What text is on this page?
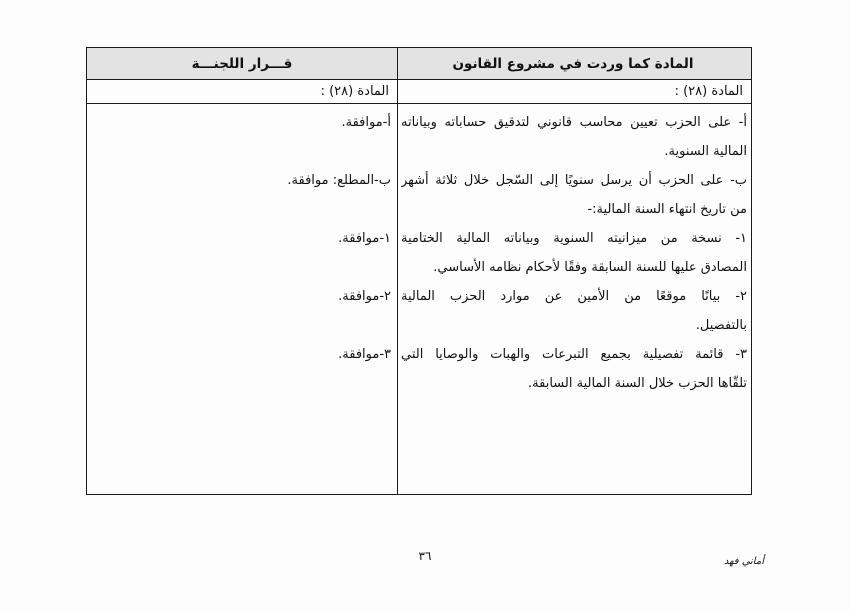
المادة كما وردت في مشروع القانون
قـــرار اللجنـــة
المادة (٢٨) :
المادة (٢٨) :
أ- على الحزب تعيين محاسب قانوني لتدقيق حساباته وبياناته
المالية السنوية.
ب- على الحزب أن يرسل سنويًا إلى السّجل خلال ثلاثة أشهر
من تاريخ انتهاء السنة المالية:-
١- نسخة من ميزانيته السنوية وبياناته المالية الختامية
المصادق عليها للسنة السابقة وفقًا لأحكام نظامه الأساسي.
٢- بيانًا موقعًا من الأمين عن موارد الحزب المالية
بالتفصيل.
٣- قائمة تفصيلية بجميع التبرعات والهبات والوصايا التي
تلقّاها الحزب خلال السنة المالية السابقة.
أ-موافقة.
ب-المطلع: موافقة.
١-موافقة.
٢-موافقة.
٣-موافقة.
٣٦	أماني فهد
